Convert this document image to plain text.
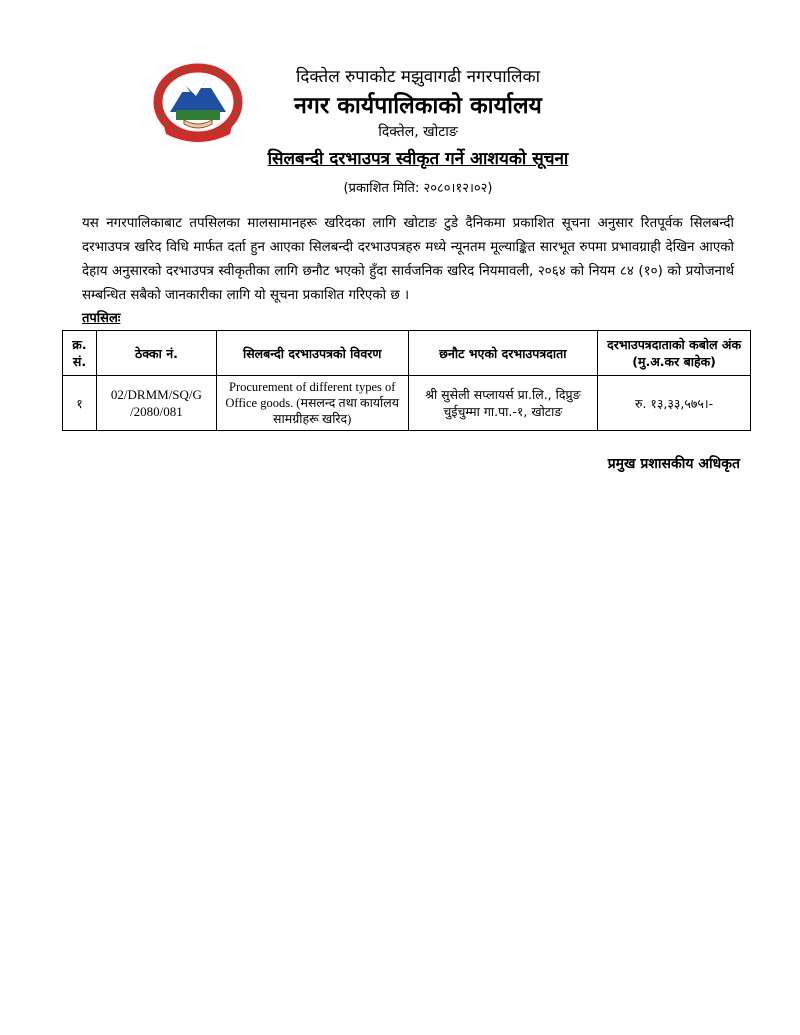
दिक्तेल रुपाकोट मझुवागढी नगरपालिका
नगर कार्यपालिकाको कार्यालय
दिक्तेल, खोटाङ
सिलबन्दी दरभाउपत्र स्वीकृत गर्ने आशयको सूचना
(प्रकाशित मिति: २०८०।१२।०२)
यस नगरपालिकाबाट तपसिलका मालसामानहरू खरिदका लागि खोटाङ टुडे दैनिकमा प्रकाशित सूचना अनुसार रितपूर्वक सिलबन्दी दरभाउपत्र खरिद विधि मार्फत दर्ता हुन आएका सिलबन्दी दरभाउपत्रहरु मध्ये न्यूनतम मूल्याङ्कित सारभूत रुपमा प्रभावग्राही देखिन आएको देहाय अनुसारको दरभाउपत्र स्वीकृतीका लागि छनौट भएको हुँदा सार्वजनिक खरिद नियमावली, २०६४ को नियम ८४ (१०) को प्रयोजनार्थ सम्बन्धित सबैको जानकारीका लागि यो सूचना प्रकाशित गरिएको छ ।
तपसिलः
क्र. सं.	ठेक्का नं.	सिलबन्दी दरभाउपत्रको विवरण	छनौट भएको दरभाउपत्रदाता	दरभाउपत्रदाताको कबोल अंक (मु.अ.कर बाहेक)
१	02/DRMM/SQ/G /2080/081	Procurement of different types of Office goods. (मसलन्द तथा कार्यालय सामग्रीहरू खरिद)	श्री सुसेली सप्लायर्स प्रा.लि., दिप्रुङ चुईचुम्मा गा.पा.-१, खोटाङ	रु. १३,३३,५७५।-
प्रमुख प्रशासकीय अधिकृत
